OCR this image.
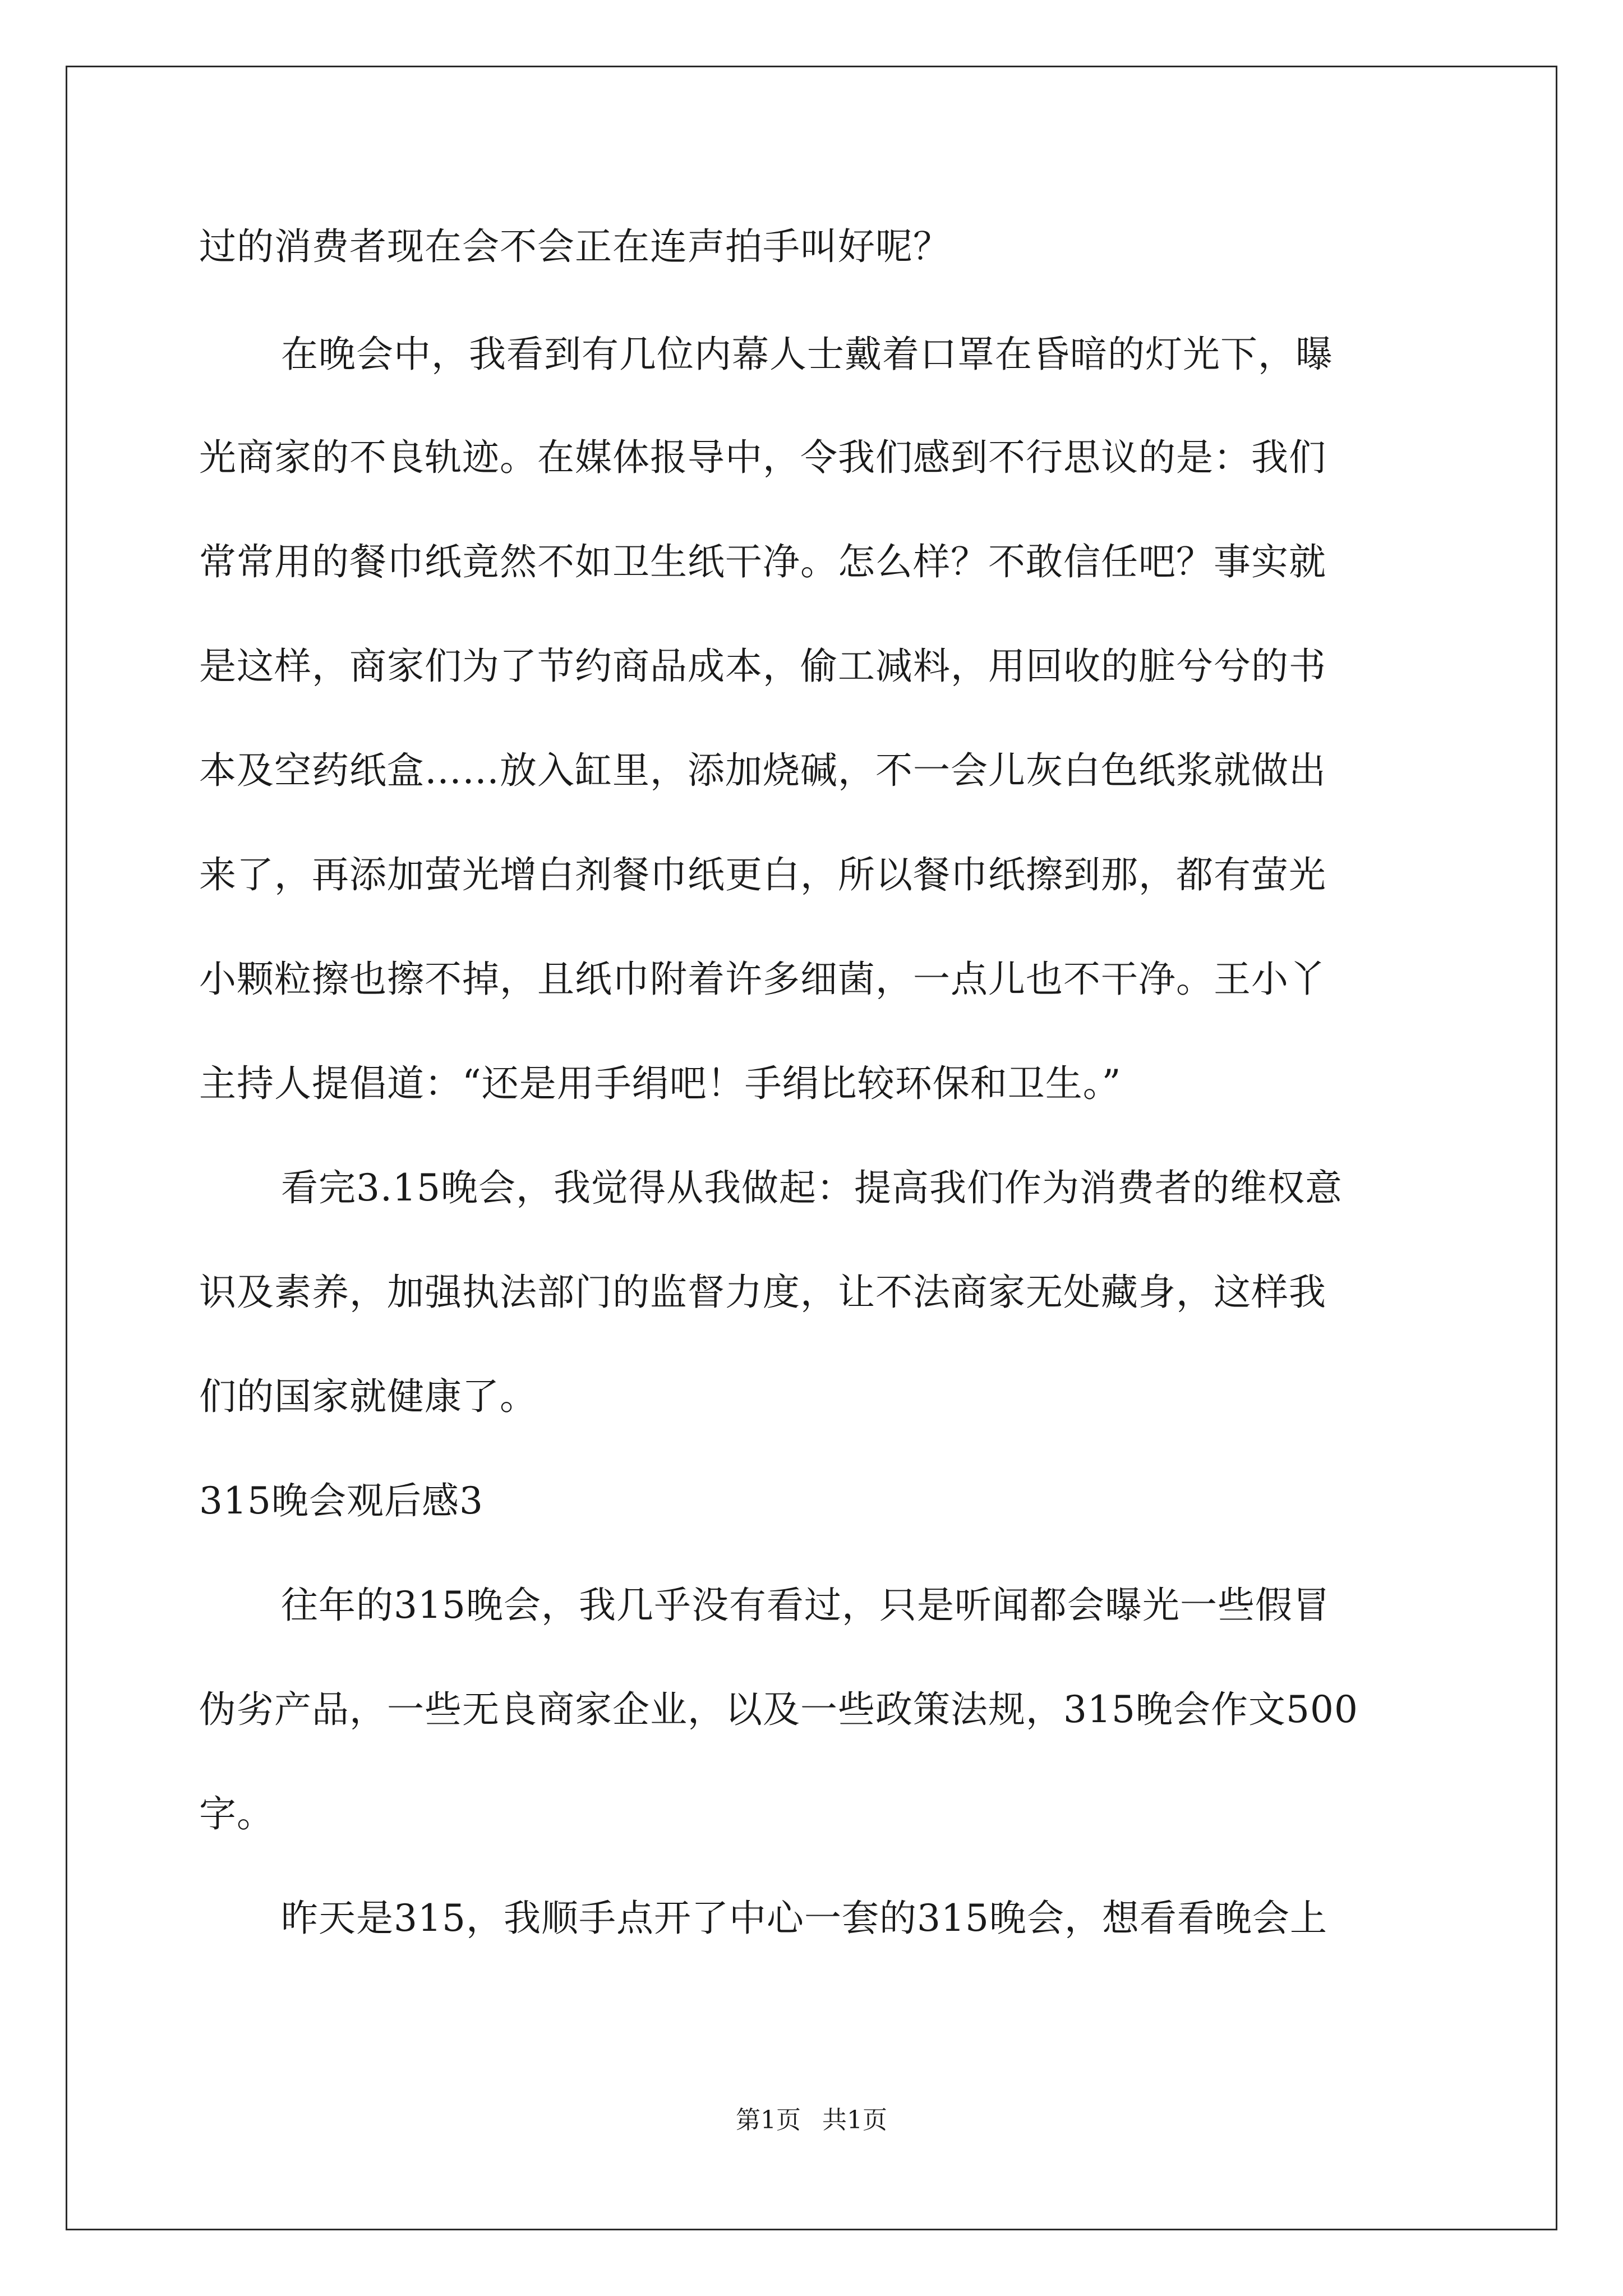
过的消费者现在会不会正在连声拍手叫好呢？
在晚会中，我看到有几位内幕人士戴着口罩在昏暗的灯光下，曝
光商家的不良轨迹。在媒体报导中，令我们感到不行思议的是：我们
常常用的餐巾纸竟然不如卫生纸干净。怎么样？不敢信任吧？事实就
是这样，商家们为了节约商品成本，偷工减料，用回收的脏兮兮的书
本及空药纸盒……放入缸里，添加烧碱，不一会儿灰白色纸浆就做出
来了，再添加萤光增白剂餐巾纸更白，所以餐巾纸擦到那，都有萤光
小颗粒擦也擦不掉，且纸巾附着许多细菌，一点儿也不干净。王小丫
主持人提倡道：“还是用手绢吧！手绢比较环保和卫生。”
看完3.15晚会，我觉得从我做起：提高我们作为消费者的维权意
识及素养，加强执法部门的监督力度，让不法商家无处藏身，这样我
们的国家就健康了。
315晚会观后感3
往年的315晚会，我几乎没有看过，只是听闻都会曝光一些假冒
伪劣产品，一些无良商家企业，以及一些政策法规，315晚会作文500
字。
昨天是315，我顺手点开了中心一套的315晚会，想看看晚会上
第1页 共1页
